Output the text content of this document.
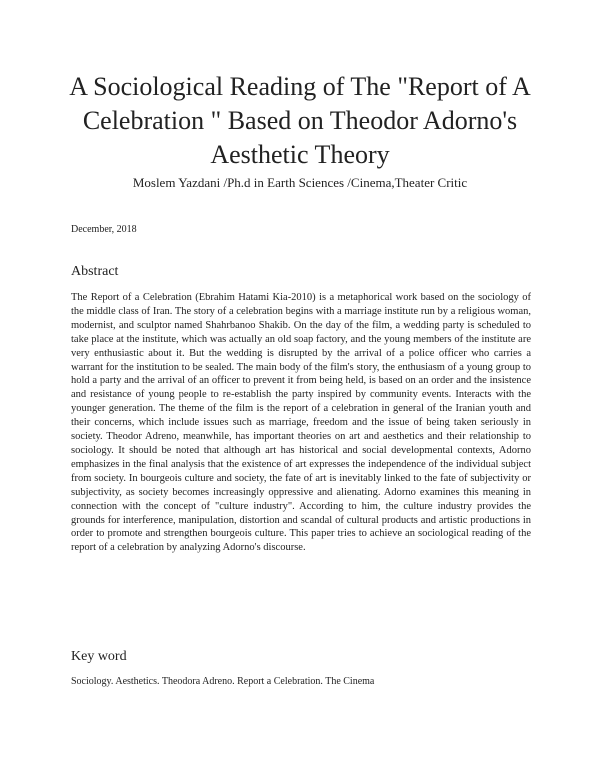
A Sociological Reading of The "Report of A Celebration " Based on Theodor Adorno's Aesthetic Theory
Moslem Yazdani /Ph.d in Earth Sciences /Cinema,Theater Critic
December, 2018
Abstract
The Report of a Celebration (Ebrahim Hatami Kia-2010) is a metaphorical work based on the sociology of the middle class of Iran. The story of a celebration begins with a marriage institute run by a religious woman, modernist, and sculptor named Shahrbanoo Shakib. On the day of the film, a wedding party is scheduled to take place at the institute, which was actually an old soap factory, and the young members of the institute are very enthusiastic about it. But the wedding is disrupted by the arrival of a police officer who carries a warrant for the institution to be sealed. The main body of the film's story, the enthusiasm of a young group to hold a party and the arrival of an officer to prevent it from being held, is based on an order and the insistence and resistance of young people to re-establish the party inspired by community events. Interacts with the younger generation. The theme of the film is the report of a celebration in general of the Iranian youth and their concerns, which include issues such as marriage, freedom and the issue of being taken seriously in society. Theodor Adreno, meanwhile, has important theories on art and aesthetics and their relationship to sociology. It should be noted that although art has historical and social developmental contexts, Adorno emphasizes in the final analysis that the existence of art expresses the independence of the individual subject from society. In bourgeois culture and society, the fate of art is inevitably linked to the fate of subjectivity or subjectivity, as society becomes increasingly oppressive and alienating. Adorno examines this meaning in connection with the concept of "culture industry". According to him, the culture industry provides the grounds for interference, manipulation, distortion and scandal of cultural products and artistic productions in order to promote and strengthen bourgeois culture. This paper tries to achieve an sociological reading of the report of a celebration by analyzing Adorno's discourse.
Key word
Sociology. Aesthetics. Theodora Adreno. Report a Celebration. The Cinema
